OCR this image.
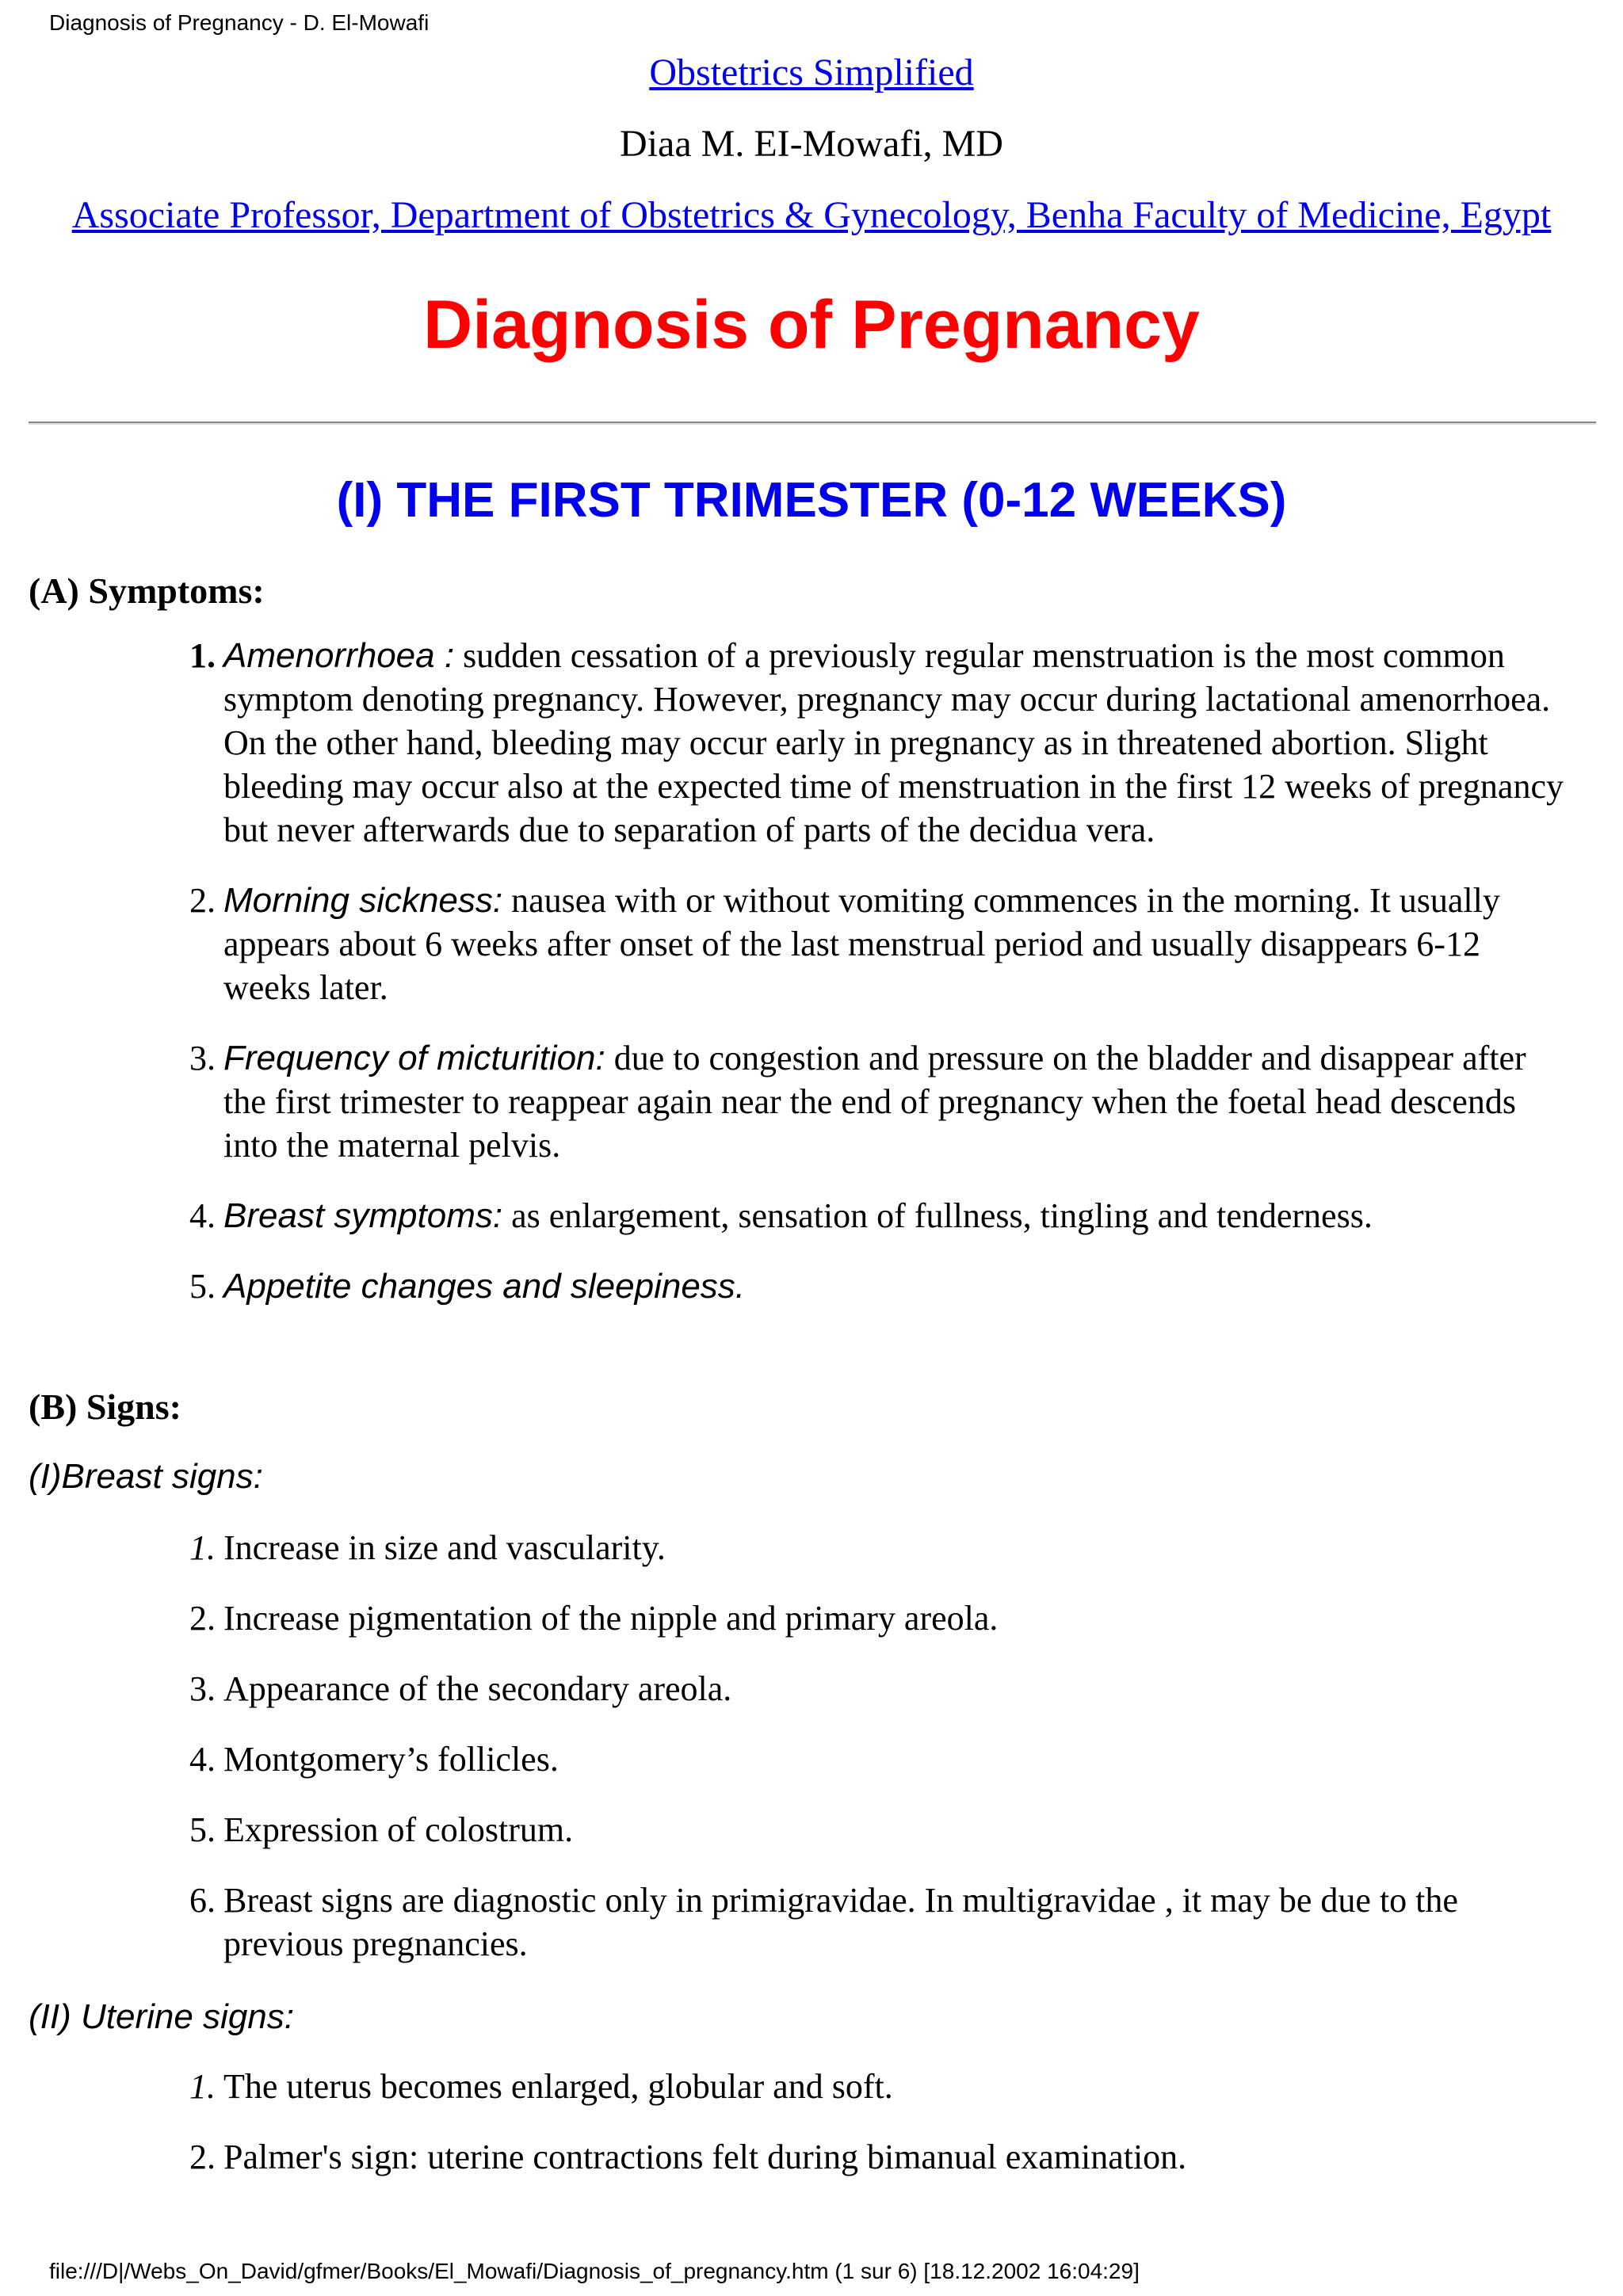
Diagnosis of Pregnancy - D. El-Mowafi
Obstetrics Simplified
Diaa M. EI-Mowafi, MD
Associate Professor, Department of Obstetrics & Gynecology, Benha Faculty of Medicine, Egypt
Diagnosis of Pregnancy
(I) THE FIRST TRIMESTER (0-12 WEEKS)
(A) Symptoms:
1. Amenorrhoea : sudden cessation of a previously regular menstruation is the most common symptom denoting pregnancy. However, pregnancy may occur during lactational amenorrhoea. On the other hand, bleeding may occur early in pregnancy as in threatened abortion. Slight bleeding may occur also at the expected time of menstruation in the first 12 weeks of pregnancy but never afterwards due to separation of parts of the decidua vera.
2. Morning sickness: nausea with or without vomiting commences in the morning. It usually appears about 6 weeks after onset of the last menstrual period and usually disappears 6-12 weeks later.
3. Frequency of micturition: due to congestion and pressure on the bladder and disappear after the first trimester to reappear again near the end of pregnancy when the foetal head descends into the maternal pelvis.
4. Breast symptoms: as enlargement, sensation of fullness, tingling and tenderness.
5. Appetite changes and sleepiness.
(B) Signs:
(I)Breast signs:
1. Increase in size and vascularity.
2. Increase pigmentation of the nipple and primary areola.
3. Appearance of the secondary areola.
4. Montgomery’s follicles.
5. Expression of colostrum.
6. Breast signs are diagnostic only in primigravidae. In multigravidae , it may be due to the previous pregnancies.
(II) Uterine signs:
1. The uterus becomes enlarged, globular and soft.
2. Palmer's sign: uterine contractions felt during bimanual examination.
file:///D|/Webs_On_David/gfmer/Books/El_Mowafi/Diagnosis_of_pregnancy.htm (1 sur 6) [18.12.2002 16:04:29]
